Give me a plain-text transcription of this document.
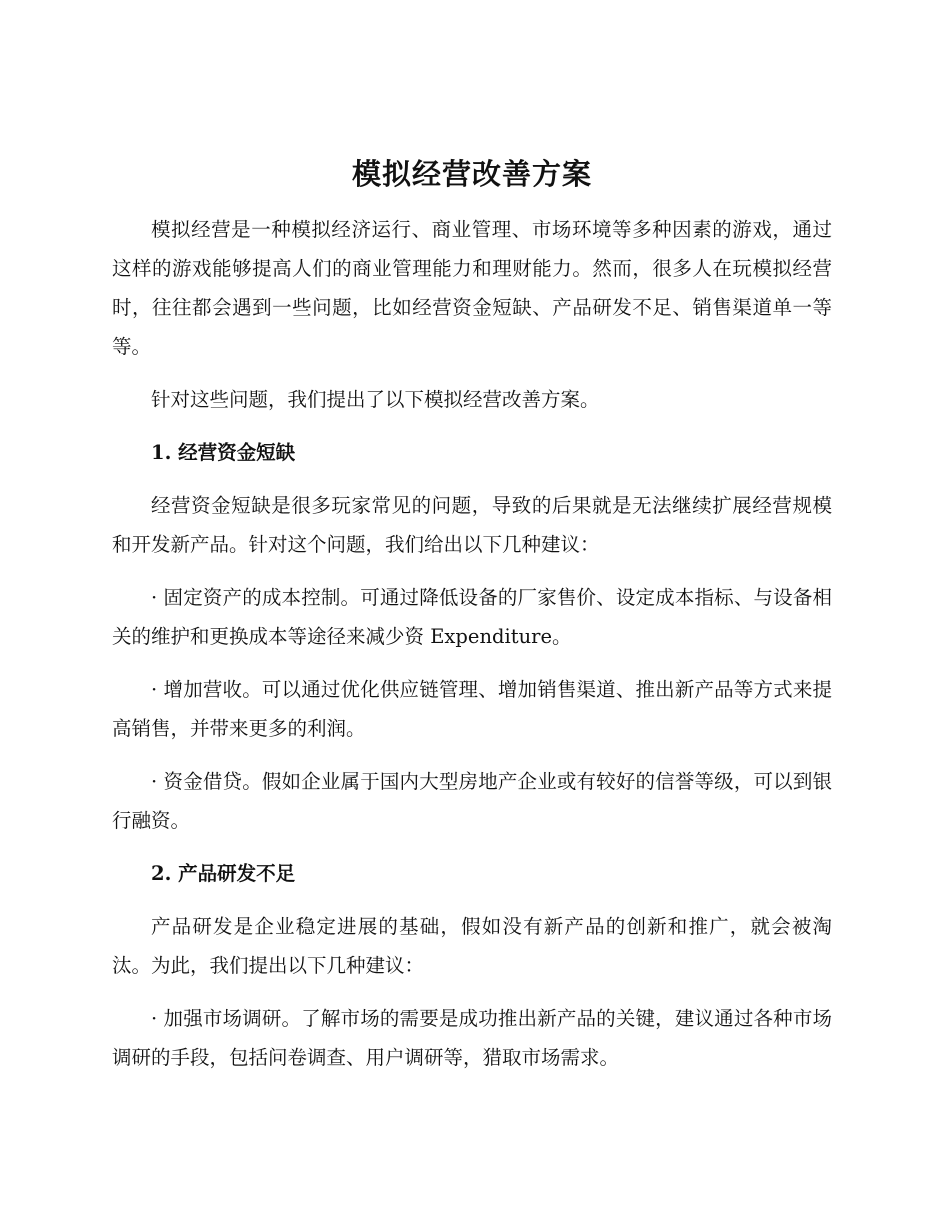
模拟经营改善方案

模拟经营是一种模拟经济运行、商业管理、市场环境等多种因素的游戏，通过这样的游戏能够提高人们的商业管理能力和理财能力。然而，很多人在玩模拟经营时，往往都会遇到一些问题，比如经营资金短缺、产品研发不足、销售渠道单一等等。

针对这些问题，我们提出了以下模拟经营改善方案。

1. 经营资金短缺

经营资金短缺是很多玩家常见的问题，导致的后果就是无法继续扩展经营规模和开发新产品。针对这个问题，我们给出以下几种建议：

· 固定资产的成本控制。可通过降低设备的厂家售价、设定成本指标、与设备相关的维护和更换成本等途径来减少资 Expenditure。

· 增加营收。可以通过优化供应链管理、增加销售渠道、推出新产品等方式来提高销售，并带来更多的利润。

· 资金借贷。假如企业属于国内大型房地产企业或有较好的信誉等级，可以到银行融资。

2. 产品研发不足

产品研发是企业稳定进展的基础，假如没有新产品的创新和推广，就会被淘汰。为此，我们提出以下几种建议：

· 加强市场调研。了解市场的需要是成功推出新产品的关键，建议通过各种市场调研的手段，包括问卷调查、用户调研等，猎取市场需求。
